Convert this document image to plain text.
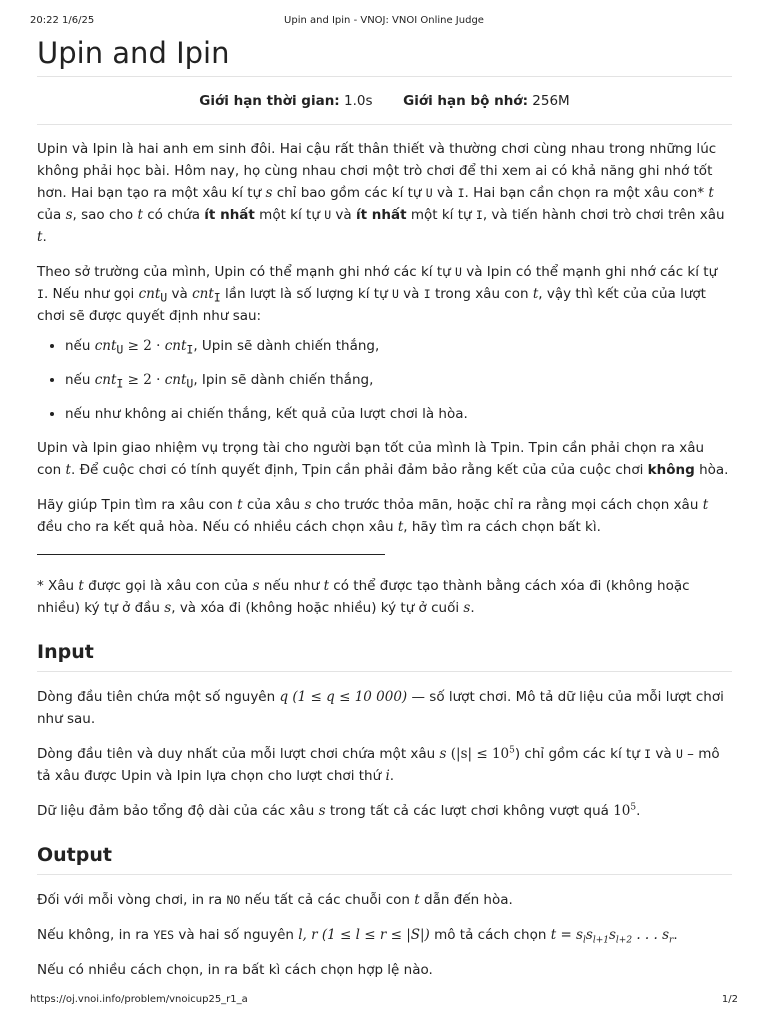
20:22 1/6/25	Upin and Ipin - VNOJ: VNOI Online Judge
Upin and Ipin
Giới hạn thời gian: 1.0s Giới hạn bộ nhớ: 256M

Upin và Ipin là hai anh em sinh đôi. Hai cậu rất thân thiết và thường chơi cùng nhau trong những lúc không phải học bài. Hôm nay, họ cùng nhau chơi một trò chơi để thi xem ai có khả năng ghi nhớ tốt hơn. Hai bạn tạo ra một xâu kí tự s chỉ bao gồm các kí tự U và I. Hai bạn cần chọn ra một xâu con* t của s, sao cho t có chứa ít nhất một kí tự U và ít nhất một kí tự I, và tiến hành chơi trò chơi trên xâu t.

Theo sở trường của mình, Upin có thể mạnh ghi nhớ các kí tự U và Ipin có thể mạnh ghi nhớ các kí tự I. Nếu như gọi cnt$_U$ và cnt$_I$ lần lượt là số lượng kí tự U và I trong xâu con t, vậy thì kết của của lượt chơi sẽ được quyết định như sau:

• nếu cnt$_U$ ≥ 2 · cnt$_I$, Upin sẽ dành chiến thắng,
• nếu cnt$_I$ ≥ 2 · cnt$_U$, Ipin sẽ dành chiến thắng,
• nếu như không ai chiến thắng, kết quả của lượt chơi là hòa.

Upin và Ipin giao nhiệm vụ trọng tài cho người bạn tốt của mình là Tpin. Tpin cần phải chọn ra xâu con t. Để cuộc chơi có tính quyết định, Tpin cần phải đảm bảo rằng kết của của cuộc chơi không hòa.

Hãy giúp Tpin tìm ra xâu con t của xâu s cho trước thỏa mãn, hoặc chỉ ra rằng mọi cách chọn xâu t đều cho ra kết quả hòa. Nếu có nhiều cách chọn xâu t, hãy tìm ra cách chọn bất kì.

* Xâu t được gọi là xâu con của s nếu như t có thể được tạo thành bằng cách xóa đi (không hoặc nhiều) ký tự ở đầu s, và xóa đi (không hoặc nhiều) ký tự ở cuối s.

Input

Dòng đầu tiên chứa một số nguyên q (1 ≤ q ≤ 10 000) — số lượt chơi. Mô tả dữ liệu của mỗi lượt chơi như sau.

Dòng đầu tiên và duy nhất của mỗi lượt chơi chứa một xâu s $(|s| \le 10^5)$ chỉ gồm các kí tự I và U – mô tả xâu được Upin và Ipin lựa chọn cho lượt chơi thứ i.

Dữ liệu đảm bảo tổng độ dài của các xâu s trong tất cả các lượt chơi không vượt quá $10^5$.

Output

Đối với mỗi vòng chơi, in ra NO nếu tất cả các chuỗi con t dẫn đến hòa.

Nếu không, in ra YES và hai số nguyên l, r (1 ≤ l ≤ r ≤ |S|) mô tả cách chọn $t = s_ls_{l+1}s_{l+2}$ . . . $s_r$.

Nếu có nhiều cách chọn, in ra bất kì cách chọn hợp lệ nào.

https://oj.vnoi.info/problem/vnoicup25_r1_a	1/2
